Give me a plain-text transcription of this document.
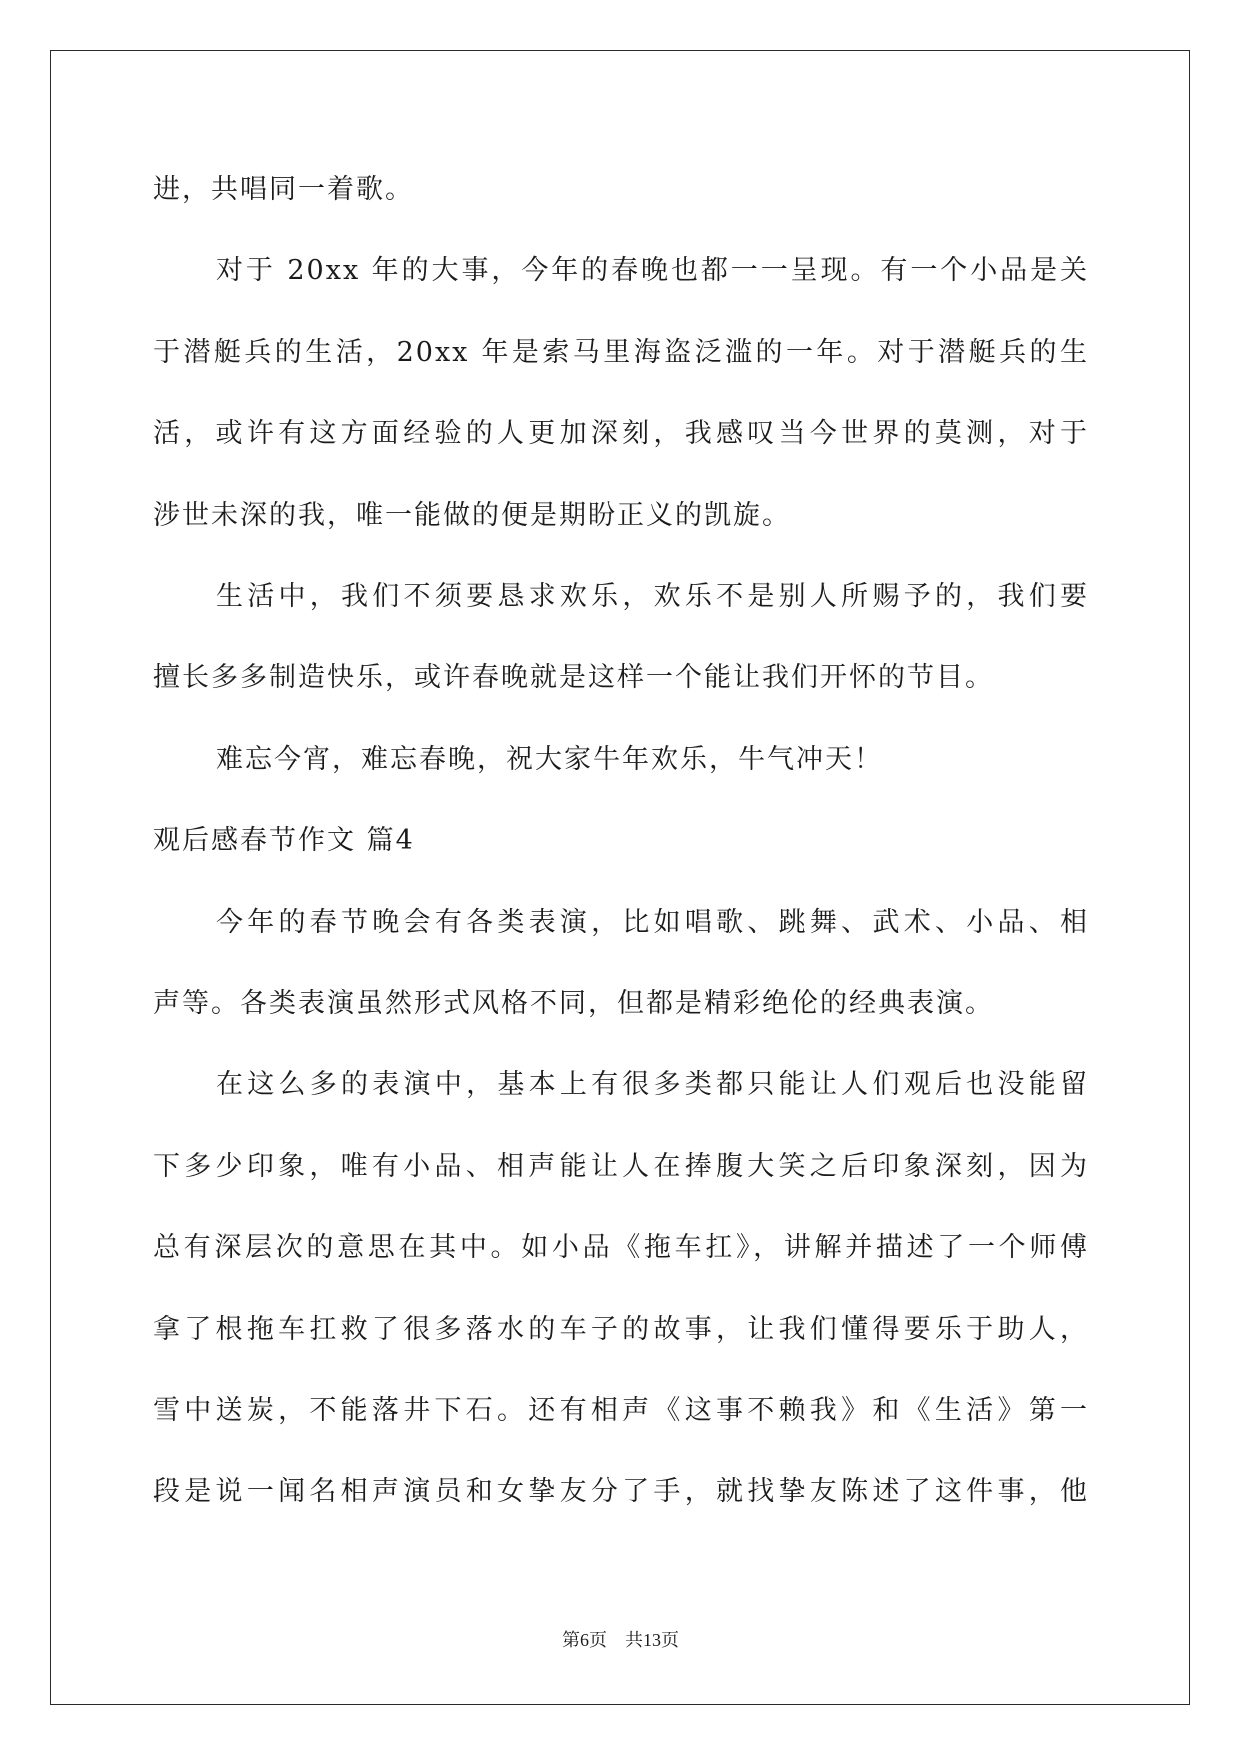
进，共唱同一着歌。
对于 20xx 年的大事，今年的春晚也都一一呈现。有一个小品是关
于潜艇兵的生活，20xx 年是索马里海盗泛滥的一年。对于潜艇兵的生
活，或许有这方面经验的人更加深刻，我感叹当今世界的莫测，对于
涉世未深的我，唯一能做的便是期盼正义的凯旋。
生活中，我们不须要恳求欢乐，欢乐不是别人所赐予的，我们要
擅长多多制造快乐，或许春晚就是这样一个能让我们开怀的节目。
难忘今宵，难忘春晚，祝大家牛年欢乐，牛气冲天！
观后感春节作文 篇4
今年的春节晚会有各类表演，比如唱歌、跳舞、武术、小品、相
声等。各类表演虽然形式风格不同，但都是精彩绝伦的经典表演。
在这么多的表演中，基本上有很多类都只能让人们观后也没能留
下多少印象，唯有小品、相声能让人在捧腹大笑之后印象深刻，因为
总有深层次的意思在其中。如小品《拖车扛》，讲解并描述了一个师傅
拿了根拖车扛救了很多落水的车子的故事，让我们懂得要乐于助人，
雪中送炭，不能落井下石。还有相声《这事不赖我》和《生活》第一
段是说一闻名相声演员和女挚友分了手，就找挚友陈述了这件事，他
第6页 共13页
